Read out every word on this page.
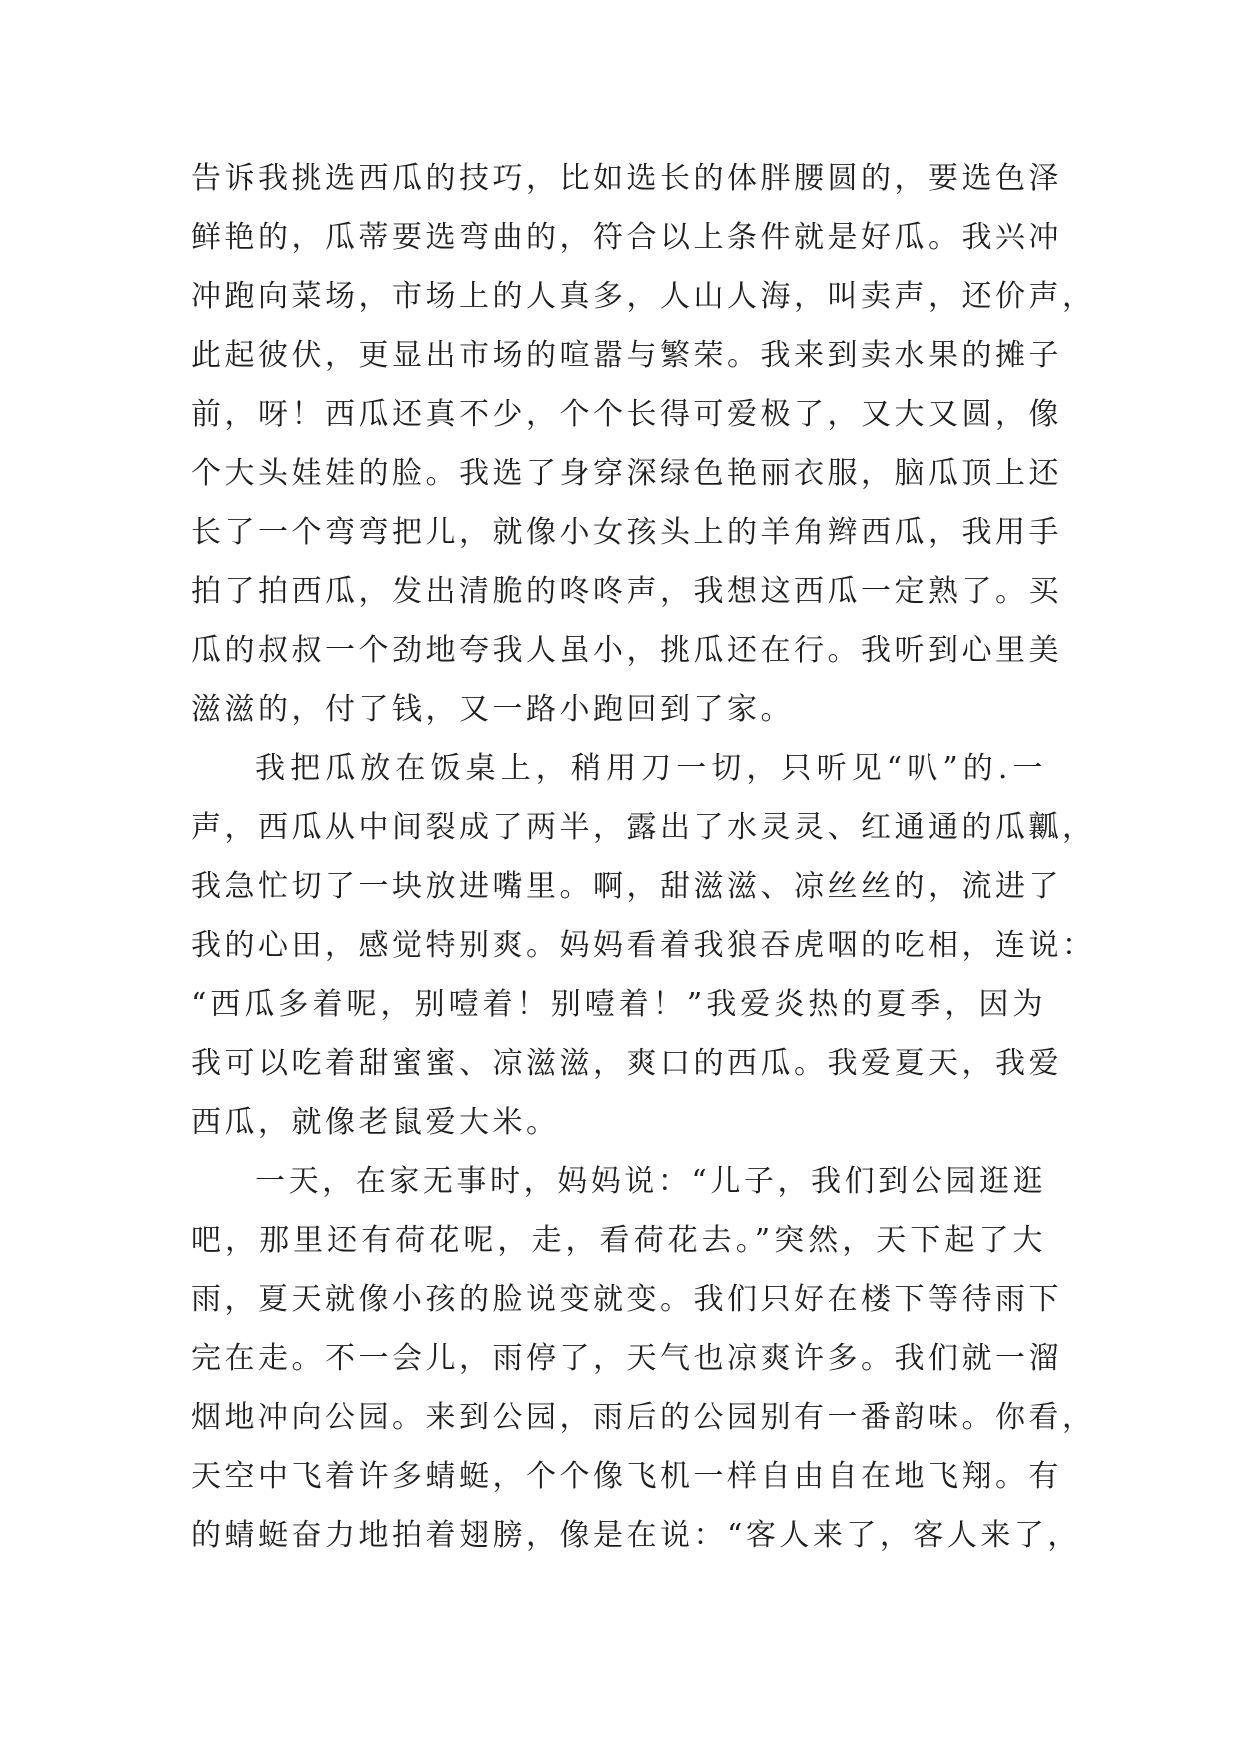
告诉我挑选西瓜的技巧，比如选长的体胖腰圆的，要选色泽
鲜艳的，瓜蒂要选弯曲的，符合以上条件就是好瓜。我兴冲
冲跑向菜场，市场上的人真多，人山人海，叫卖声，还价声，
此起彼伏，更显出市场的喧嚣与繁荣。我来到卖水果的摊子
前，呀！西瓜还真不少，个个长得可爱极了，又大又圆，像
个大头娃娃的脸。我选了身穿深绿色艳丽衣服，脑瓜顶上还
长了一个弯弯把儿，就像小女孩头上的羊角辫西瓜，我用手
拍了拍西瓜，发出清脆的咚咚声，我想这西瓜一定熟了。买
瓜的叔叔一个劲地夸我人虽小，挑瓜还在行。我听到心里美
滋滋的，付了钱，又一路小跑回到了家。

我把瓜放在饭桌上，稍用刀一切，只听见“叭”的.一
声，西瓜从中间裂成了两半，露出了水灵灵、红通通的瓜瓤，
我急忙切了一块放进嘴里。啊，甜滋滋、凉丝丝的，流进了
我的心田，感觉特别爽。妈妈看着我狼吞虎咽的吃相，连说：
“西瓜多着呢，别噎着！别噎着！”我爱炎热的夏季，因为
我可以吃着甜蜜蜜、凉滋滋，爽口的西瓜。我爱夏天，我爱
西瓜，就像老鼠爱大米。

一天，在家无事时，妈妈说：“儿子，我们到公园逛逛
吧，那里还有荷花呢，走，看荷花去。”突然，天下起了大
雨，夏天就像小孩的脸说变就变。我们只好在楼下等待雨下
完在走。不一会儿，雨停了，天气也凉爽许多。我们就一溜
烟地冲向公园。来到公园，雨后的公园别有一番韵味。你看，
天空中飞着许多蜻蜓，个个像飞机一样自由自在地飞翔。有
的蜻蜓奋力地拍着翅膀，像是在说：“客人来了，客人来了，
